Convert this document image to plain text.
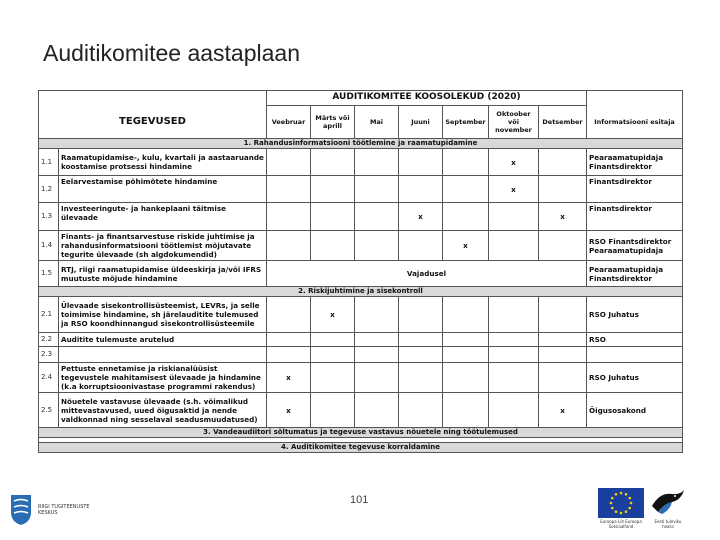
Auditikomitee aastaplaan
		AUDITIKOMITEE KOOSOLEKUD (2020)							
TEGEVUSED		Veebruar	Märts või aprill	Mai	Juuni	September	Oktoober või november	Detsember	Informatsiooni esitaja
1. Rahandusinformatsiooni töötlemine ja raamatupidamine									
1.1	Raamatupidamise-, kulu, kvartali ja aastaaruande koostamise protsessi hindamine						x		Pearaamatupidaja Finantsdirektor
1.2	Eelarvestamise põhimõtete hindamine						x		Finantsdirektor
1.3	Investeeringute- ja hankeplaani täitmise ülevaade				x			x	Finantsdirektor
1.4	Finants- ja finantsarvestuse riskide juhtimise ja rahandusinformatsiooni töötlemist mõjutavate tegurite ülevaade (sh algdokumendid)					x			RSO Finantsdirektor Pearaamatupidaja
1.5	RTJ, riigi raamatupidamise üldeeskirja ja/või IFRS muutuste mõjude hindamine	Vajadusel							Pearaamatupidaja Finantsdirektor
2. Riskijuhtimine ja sisekontroll									
2.1	Ülevaade sisekontrollisüsteemist, LEVRs, ja selle toimimise hindamine, sh järelauditite tulemused ja RSO koondhinnangud sisekontrollisüsteemile		x						RSO Juhatus
2.2	Auditite tulemuste arutelud								RSO
2.3									
2.4	Pettuste ennetamise ja riskianalüüsist tegevustele mahitamisest ülevaade ja hindamine (k.a korruptsioonivastase programmi rakendus)	x							RSO Juhatus
2.5	Nõuetele vastavuse ülevaade (s.h. võimalikud mittevastavused, uued õigusaktid ja nende valdkonnad ning sesselaval seadusmuudatused)	x						x	Õigusosakond
3. Vandeaudiitori sõltumatus ja tegevuse vastavus nõuetele ning töötulemused									

4. Auditikomitee tegevuse korraldamine									
RIIGI TUGITEENUSTE KESKUS
101
Euroopa Liit Euroopa Sotsiaalfond
Eesti tuleviku heaks
